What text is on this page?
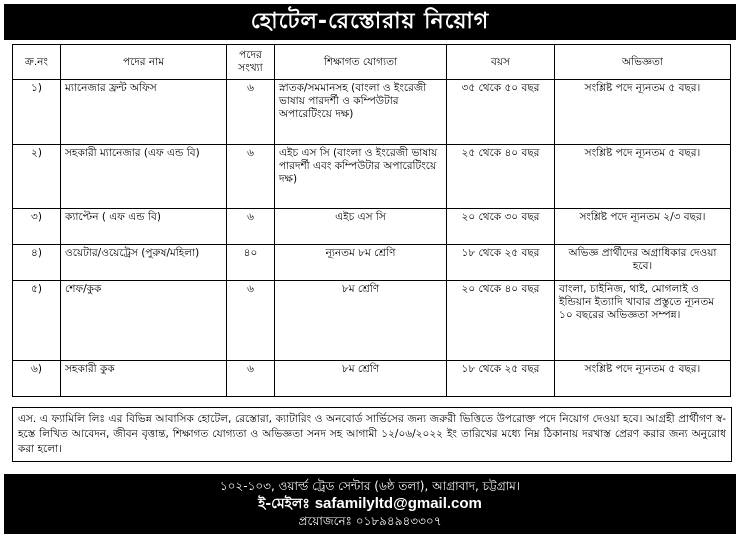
হোটেল-রেস্তোরায় নিয়োগ
ক্র.নং	পদের নাম	পদের সংখ্যা	শিক্ষাগত যোগ্যতা	বয়স	অভিজ্ঞতা
১)	ম্যানেজার ফ্রন্ট অফিস	৬	স্নাতক/সমমানসহ (বাংলা ও ইংরেজী ভাষায় পারদর্শী ও কম্পিউটার অপারেটিংয়ে দক্ষ)	৩৫ থেকে ৫০ বছর	সংশ্লিষ্ট পদে ন্যূনতম ৫ বছর।
২)	সহকারী ম্যানেজার (এফ এন্ড বি)	৬	এইচ এস সি (বাংলা ও ইংরেজী ভাষায় পারদর্শী এবং কম্পিউটার অপারেটিংয়ে দক্ষ)	২৫ থেকে ৪০ বছর	সংশ্লিষ্ট পদে ন্যূনতম ৫ বছর।
৩)	ক্যাপ্টেন ( এফ এন্ড বি)	৬	এইচ এস সি	২০ থেকে ৩০ বছর	সংশ্লিষ্ট পদে ন্যূনতম ২/৩ বছর।
৪)	ওয়েটার/ওয়েট্রেস (পুরুষ/মহিলা)	৪০	ন্যূনতম ৮ম শ্রেণি	১৮ থেকে ২৫ বছর	অভিজ্ঞ প্রার্থীদের অগ্রাধিকার দেওয়া হবে।
৫)	শেফ/কুক	৬	৮ম শ্রেণি	২০ থেকে ৪০ বছর	বাংলা, চাইনিজ, থাই, মোগলাই ও ইন্ডিয়ান ইত্যাদি খাবার প্রস্তুতে ন্যূনতম ১০ বছরের অভিজ্ঞতা সম্পন্ন।
৬)	সহকারী কুক	৬	৮ম শ্রেণি	১৮ থেকে ২৫ বছর	সংশ্লিষ্ট পদে ন্যূনতম ৫ বছর।
এস. এ ফ্যামিলি লিঃ এর বিভিন্ন আবাসিক হোটেল, রেস্তোরা, ক্যাটারিং ও অনবোর্ড সার্ভিসের জন্য জরুরী ভিত্তিতে উপরোক্ত পদে নিয়োগ দেওয়া হবে। আগ্রহী প্রার্থীগণ স্ব-হস্তে লিখিত আবেদন, জীবন বৃত্তান্ত, শিক্ষাগত যোগ্যতা ও অভিজ্ঞতা সনদ সহ আগামী ১২/০৬/২০২২ ইং তারিখের মধ্যে নিম্ন ঠিকানায় দরখাস্ত প্রেরণ করার জন্য অনুরোধ করা হলো।
১০২-১০৩, ওয়ার্ল্ড ট্রেড সেন্টার (৬ষ্ঠ তলা), আগ্রাবাদ, চট্টগ্রাম।
ই-মেইলঃ safamilyltd@gmail.com
প্রয়োজনেঃ ০১৮৯৪৯৪৩৩০৭
